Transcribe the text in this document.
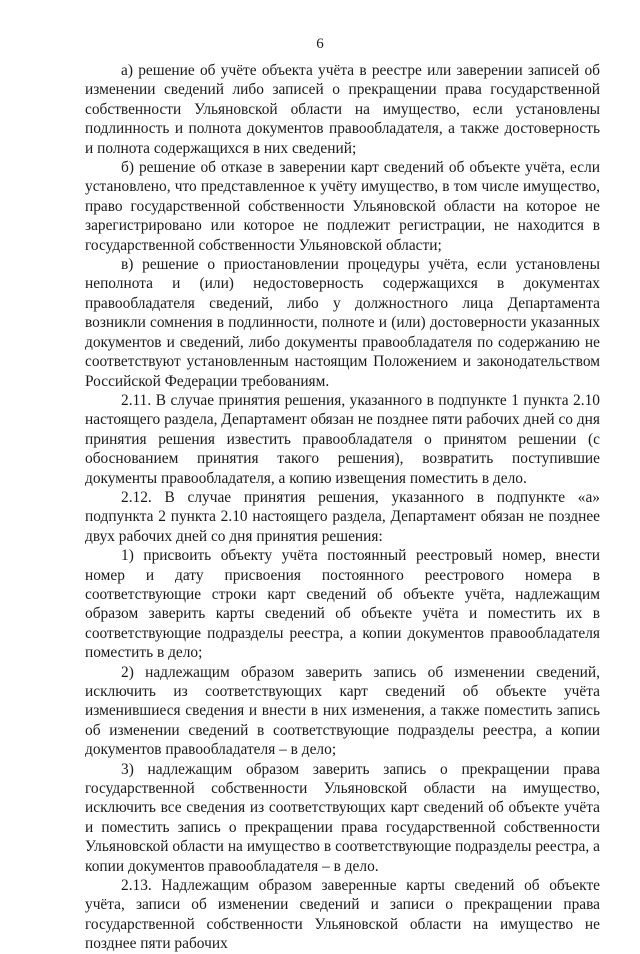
6

а) решение об учёте объекта учёта в реестре или заверении записей об изменении сведений либо записей о прекращении права государственной собственности Ульяновской области на имущество, если установлены подлинность и полнота документов правообладателя, а также достоверность и полнота содержащихся в них сведений;

б) решение об отказе в заверении карт сведений об объекте учёта, если установлено, что представленное к учёту имущество, в том числе имущество, право государственной собственности Ульяновской области на которое не зарегистрировано или которое не подлежит регистрации, не находится в государственной собственности Ульяновской области;

в) решение о приостановлении процедуры учёта, если установлены неполнота и (или) недостоверность содержащихся в документах правообладателя сведений, либо у должностного лица Департамента возникли сомнения в подлинности, полноте и (или) достоверности указанных документов и сведений, либо документы правообладателя по содержанию не соответствуют установленным настоящим Положением и законодательством Российской Федерации требованиям.

2.11. В случае принятия решения, указанного в подпункте 1 пункта 2.10 настоящего раздела, Департамент обязан не позднее пяти рабочих дней со дня принятия решения известить правообладателя о принятом решении (с обоснованием принятия такого решения), возвратить поступившие документы правообладателя, а копию извещения поместить в дело.

2.12. В случае принятия решения, указанного в подпункте «а» подпункта 2 пункта 2.10 настоящего раздела, Департамент обязан не позднее двух рабочих дней со дня принятия решения:

1) присвоить объекту учёта постоянный реестровый номер, внести номер и дату присвоения постоянного реестрового номера в соответствующие строки карт сведений об объекте учёта, надлежащим образом заверить карты сведений об объекте учёта и поместить их в соответствующие подразделы реестра, а копии документов правообладателя поместить в дело;

2) надлежащим образом заверить запись об изменении сведений, исключить из соответствующих карт сведений об объекте учёта изменившиеся сведения и внести в них изменения, а также поместить запись об изменении сведений в соответствующие подразделы реестра, а копии документов правообладателя – в дело;

3) надлежащим образом заверить запись о прекращении права государственной собственности Ульяновской области на имущество, исключить все сведения из соответствующих карт сведений об объекте учёта и поместить запись о прекращении права государственной собственности Ульяновской области на имущество в соответствующие подразделы реестра, а копии документов правообладателя – в дело.

2.13. Надлежащим образом заверенные карты сведений об объекте учёта, записи об изменении сведений и записи о прекращении права государственной собственности Ульяновской области на имущество не позднее пяти рабочих
